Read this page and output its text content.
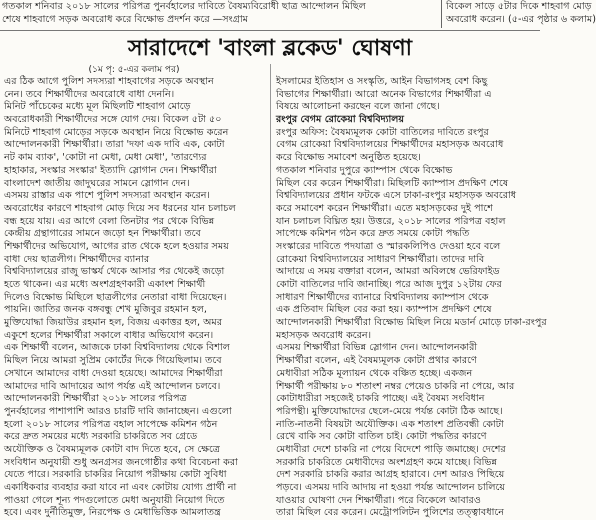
গতকাল শনিবার ২০১৮ সালের পরিপত্র পুনর্বহালের দাবিতে বৈষম্যবিরোধী ছাত্র আন্দোলন মিছিল
শেষে শাহবাগে সড়ক অবরোধ করে বিক্ষোভ প্রদর্শন করে —সংগ্রাম
বিকেল সাড়ে ৫টার দিকে শাহবাগ মোড়
অবরোধ করেন। (৫-এর পৃষ্ঠার ৬ কলাম)
সারাদেশে 'বাংলা ব্লকেড' ঘোষণা
(১ম পৃ: ৫-এর কলাম পর)
এর ঠিক আগে পুলিশ সদস্যরা শাহবাগের সড়কে অবস্থান
নেন। তবে শিক্ষার্থীদের অবরোধে বাধা দেননি।
মিনিট পাঁচেকের মধ্যে মূল মিছিলটি শাহবাগ মোড়ে
অবরোধকারী শিক্ষার্থীদের সঙ্গে যোগ দেয়। বিকেল ৫টা ৫০
মিনিটে শাহবাগ মোড়ের সড়কে অবস্থান নিয়ে বিক্ষোভ করেন
আন্দোলনকারী শিক্ষার্থীরা। তারা 'দফা এক দাবি এক, কোটা
নট কাম ব্যাক', 'কোটা না মেধা, মেধা মেধা', 'তারণ্যের
হাহাকার, সংস্কার সংস্কার' ইত্যাদি স্লোগান দেন। শিক্ষার্থীরা
বাংলাদেশ জাতীয় জাদুঘরের সামনে স্লোগান দেন।
এসময় রাস্তার এক পাশে পুলিশ সদস্যরা অবস্থান করেন।
অবরোধের কারণে শাহবাগ মোড় দিয়ে সব ধরনের যান চলাচল
বন্ধ হয়ে যায়। এর আগে বেলা তিনটার পর থেকে বিভিন্ন
কেন্দ্রীয় গ্রন্থাগারের সামনে জড়ো হন শিক্ষার্থীরা। তবে
শিক্ষার্থীদের অভিযোগ, আগের রাত থেকে হলে হওয়ার সময়
বাধা দেয় ছাত্রলীগ। শিক্ষার্থীদের ব্যানার
বিশ্ববিদ্যালয়ের রাজু ভাস্কর্য থেকে আসার পর থেকেই জড়ো
হতে থাকেন। এর মধ্যে অংশগ্রহণকারী একাংশ শিক্ষার্থী
দিলেও বিক্ষোভ মিছিলে ছাত্রলীগের নেতারা বাধা দিয়েছেন।
পায়নি। জাতির জনক বঙ্গবন্ধু শেখ মুজিবুর রহমান হল,
মুক্তিযোদ্ধা জিয়াউর রহমান হল, বিজয় একাত্তর হল, অমর
একুশে হলের শিক্ষার্থীরা সকালে বাধার অভিযোগ করেন।
এক শিক্ষার্থী বলেন, আজকে ঢাকা বিশ্ববিদ্যালয় থেকে বিশাল
মিছিল নিয়ে আমরা সুপ্রিম কোর্টের দিকে গিয়েছিলাম। তবে
সেখানে আমাদের বাধা দেওয়া হয়েছে। আমাদের শিক্ষার্থীরা
আমাদের দাবি আদায়ের আগ পর্যন্ত এই আন্দোলন চলবে।
আন্দোলনকারী শিক্ষার্থীরা ২০১৮ সালের পরিপত্র
পুনর্বহালের পাশাপাশি আরও চারটি দাবি জানাচ্ছেন। এগুলো
হলো ২০১৮ সালের পরিপত্র বহাল সাপেক্ষে কমিশন গঠন
করে দ্রুত সময়ের মধ্যে সরকারি চাকরিতে সব গ্রেডে
অযৌক্তিক ও বৈষম্যমূলক কোটা বাদ দিতে হবে, সে ক্ষেত্রে
সংবিধান অনুযায়ী শুধু অনগ্রসর জনগোষ্ঠীর কথা বিবেচনা করা
যেতে পারে। সরকারি চাকরির নিয়োগ পরীক্ষায় কোটা সুবিধা
একাধিকবার ব্যবহার করা যাবে না এবং কোটায় যোগ্য প্রার্থী না
পাওয়া গেলে শূন্য পদগুলোতে মেধা অনুযায়ী নিয়োগ দিতে
হবে। এবং দুর্নীতিমুক্ত, নিরপেক্ষ ও মেধাভিত্তিক আমলাতন্ত্র
ইসলামের ইতিহাস ও সংস্কৃতি, আইন বিভাগসহ বেশ কিছু
বিভাগের শিক্ষার্থীরা। আরো অনেক বিভাগের শিক্ষার্থীরা এ
বিষয়ে আলোচনা করছেন বলে জানা গেছে।
রংপুর বেগম রোকেয়া বিশ্ববিদ্যালয়
রংপুর অফিস: বৈষম্যমূলক কোটা বাতিলের দাবিতে রংপুর
বেগম রোকেয়া বিশ্ববিদ্যালয়ের শিক্ষার্থীদের মহাসড়ক অবরোধ
করে বিক্ষোভ সমাবেশ অনুষ্ঠিত হয়েছে।
গতকাল শনিবার দুপুরে ক্যাম্পাস থেকে বিক্ষোভ
মিছিল বের করেন শিক্ষার্থীরা। মিছিলটি ক্যাম্পাস প্রদক্ষিণ শেষে
বিশ্ববিদ্যালয়ের প্রধান ফটকে এসে ঢাকা-রংপুর মহাসড়ক অবরোধ
করে সমাবেশ করেন শিক্ষার্থীরা। এতে মহাসড়কের দুই পাশে
যান চলাচল বিঘ্নিত হয়। উত্তরে, ২০১৮ সালের পরিপত্র বহাল
সাপেক্ষে কমিশন গঠন করে দ্রুত সময়ে কোটা পদ্ধতি
সংস্কারের দাবিতে পদযাত্রা ও স্মারকলিপিও দেওয়া হবে বলে
রোকেয়া বিশ্ববিদ্যালয়ের সাধারণ শিক্ষার্থীরা। তাদের দাবি
আদায়ে এ সময় বক্তারা বলেন, আমরা অবিলম্বে ভেরিফাইড
কোটা বাতিলের দাবি জানাচ্ছি। পরে আজ দুপুর ১২টায় ফের
সাধারণ শিক্ষার্থীদের ব্যানারে বিশ্ববিদ্যালয় ক্যাম্পাস থেকে
এক প্রতিবাদ মিছিল বের করা হয়। ক্যাম্পাস প্রদক্ষিণ শেষে
আন্দোলনকারী শিক্ষার্থীরা বিক্ষোভ মিছিল নিয়ে মডার্ন মোড়ে ঢাকা-রংপুর
মহাসড়ক অবরোধ করেন।
এসময় শিক্ষার্থীরা বিভিন্ন স্লোগান দেন। আন্দোলনকারী
শিক্ষার্থীরা বলেন, এই বৈষম্যমূলক কোটা প্রথার কারণে
মেধাবীরা সঠিক মূল্যায়ন থেকে বঞ্চিত হচ্ছে। একজন
শিক্ষার্থী পরীক্ষায় ৮০ শতাংশ নম্বর পেয়েও চাকরি না পেয়ে, আর
কোটাধারীরা সহজেই চাকরি পাচ্ছে। এই বৈষম্য সংবিধান
পরিপন্থী। মুক্তিযোদ্ধাদের ছেলে-মেয়ে পর্যন্ত কোটা ঠিক আছে।
নাতি-নাতনী বিষয়টা অযৌক্তিক। এক শতাংশ প্রতিবন্ধী কোটা
রেখে বাকি সব কোটা বাতিল চাই। কোটা পদ্ধতির কারণে
মেধাবীরা দেশে চাকরি না পেয়ে বিদেশে পাড়ি জমাচ্ছে। দেশের
সরকারি চাকরিতে মেধাবীদের অংশগ্রহণ কমে যাচ্ছে। বিভিন্ন
দেশ সরকারি চাকরি করার আগ্রহ হারাবে। দেশ আরও পিছিয়ে
পড়বে। এসময় দাবি আদায় না হওয়া পর্যন্ত আন্দোলন চালিয়ে
যাওয়ার ঘোষণা দেন শিক্ষার্থীরা। পরে বিকেলে আবারও
তারা মিছিল বের করেন। মেট্রোপলিটন পুলিশের তত্ত্বাবধানে
